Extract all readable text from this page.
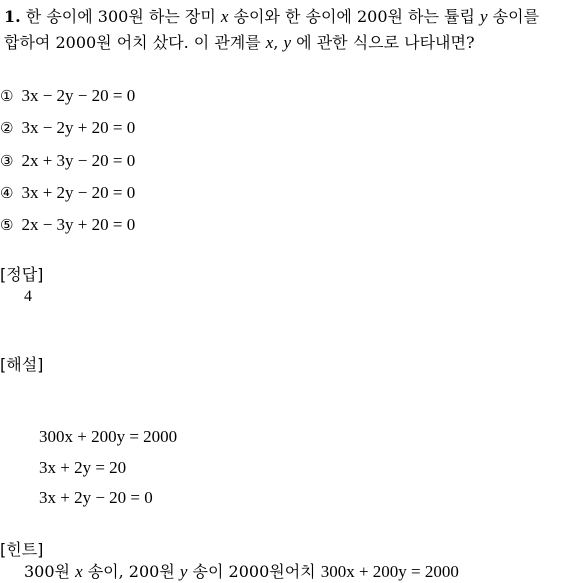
1. 한 송이에 300원 하는 장미 x 송이와 한 송이에 200원 하는 튤립 y 송이를
합하여 2000원 어치 샀다. 이 관계를 x, y 에 관한 식으로 나타내면?
① 3x − 2y − 20 = 0
② 3x − 2y + 20 = 0
③ 2x + 3y − 20 = 0
④ 3x + 2y − 20 = 0
⑤ 2x − 3y + 20 = 0
[정답]
4
[해설]
300x + 200y = 2000
3x + 2y = 20
3x + 2y − 20 = 0
[힌트]
300원 x 송이, 200원 y 송이 2000원어치 300x + 200y = 2000
